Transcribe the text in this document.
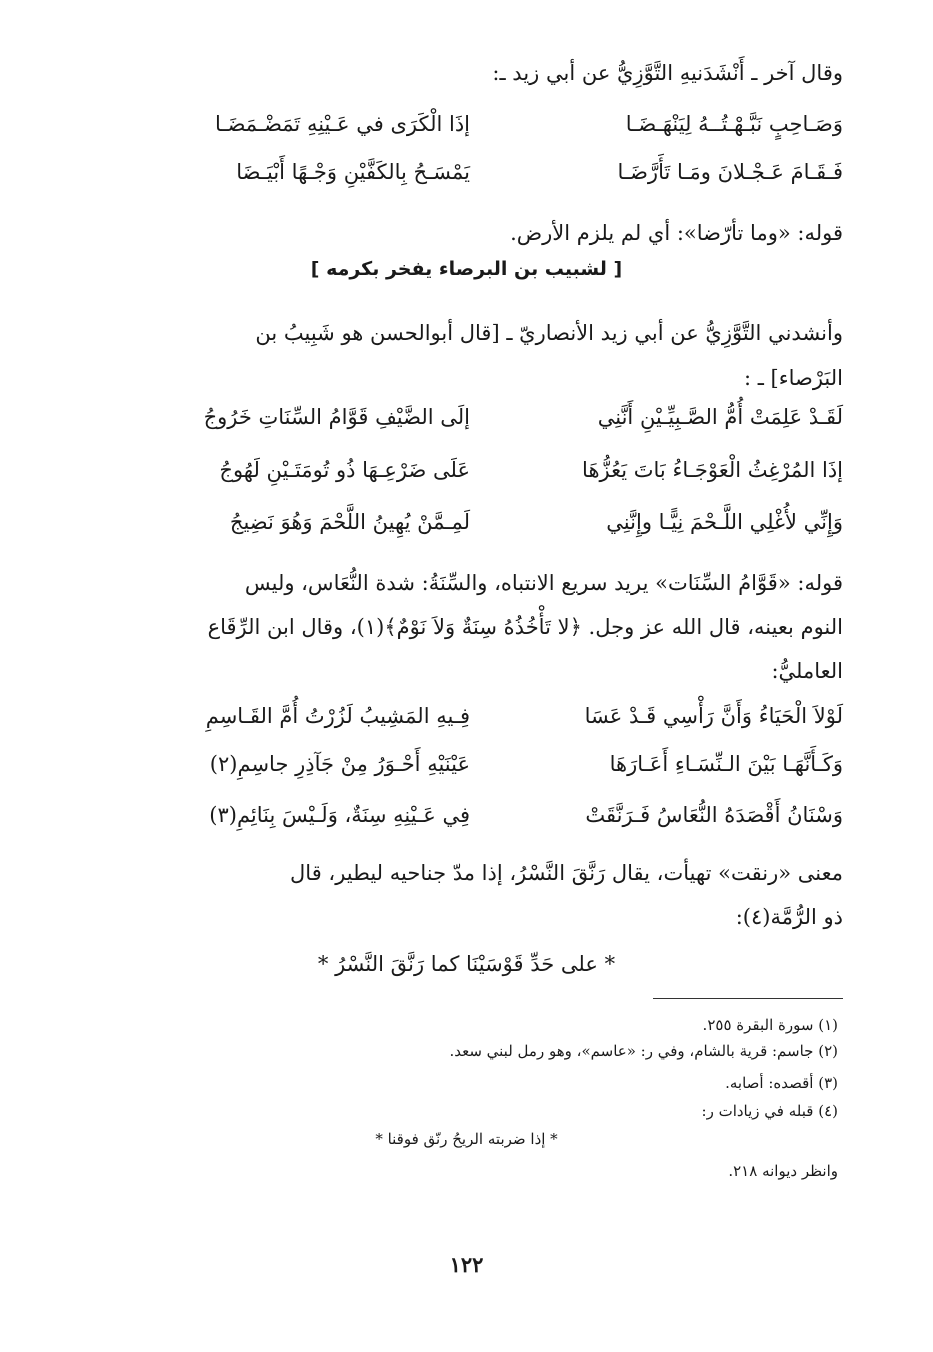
وقال آخر ـ أَنْشَدَنيهِ التَّوَّزِيُّ عن أبي زيد ـ:
وَصَـاحِبٍ نَبَّـهْـتُــهُ لِيَنْهَـضَـا
إذَا الْكَرَى في عَـيْنِهِ تَمَضْـمَضَـا
فَـقَـامَ عَـجْـلانَ ومَـا تَأَرَّضَـا
يَمْسَـحُ بِالكَفَّيْنِ وَجْـهًا أَبْيَـضَا
قوله: «وما تأرّضا»: أي لم يلزم الأرض.
[ لشبيب بن البرصاء يفخر بكرمه ]
وأنشدني التَّوَّزِيُّ عن أبي زيد الأنصاريّ ـ [قال أبوالحسن هو شَبِيبُ بن
البَرْصاء] ـ :
لَقَـدْ عَلِمَتْ أُمُّ الصَّـبِيِّـيْنِ أَنَّنِي
إلَى الضَّيْفِ قَوَّامُ السِّنَاتِ خَرُوجُ
إذَا المُرْغِثُ الْعَوْجَـاءُ بَاتَ يَعُزُّهَا
عَلَى ضَرْعِـهَا ذُو تُومَتَـيْنِ لَهُوجُ
وَإِنِّي لأُغْلِي اللَّـحْمَ نِيًّـا وإِنَّنِي
لَمِـمَّنْ يُهِينُ اللَّحْمَ وَهُوَ نَضِيجُ
قوله: «قَوَّامُ السِّنَات» يريد سريع الانتباه، والسِّنَةُ: شدة النُّعَاس، وليس
النوم بعينه، قال الله عز وجل. ﴿لا تَأْخُذُهُ سِنَةٌ وَلاَ نَوْمٌ﴾(١)، وقال ابن الرِّقَاع
العامليُّ:
لَوْلاَ الْحَيَاءُ وَأَنَّ رَأْسِي قَـدْ عَسَا
فِـيهِ المَشِيبُ لَزُرْتُ أُمَّ القَـاسِمِ
وَكَـأَنَّهَـا بَيْنَ الـنِّسَـاءِ أَعَـارَهَا
عَيْنَيْهِ أَحْـوَرُ مِنْ جَآذِرِ جاسِمِ(٢)
وَسْنَانُ أَقْصَدَهُ النُّعَاسُ فَـرَنَّقَتْ
فِي عَـيْنِهِ سِنَةٌ، وَلَـيْسَ بِنَائِمِ(٣)
معنى «رنقت» تهيأت، يقال رَنَّقَ النَّسْرُ، إذا مدّ جناحيه ليطير، قال
ذو الرُّمَّة(٤):
* على حَدِّ قَوْسَيْنَا كما رَنَّقَ النَّسْرُ *
(١) سورة البقرة ٢٥٥.
(٢) جاسم: قرية بالشام، وفي ر: «عاسم»، وهو رمل لبني سعد.
(٣) أقصده: أصابه.
(٤) قبله في زيادات ر:
* إذا ضربته الريحُ رنّق فوقنا *
وانظر ديوانه ٢١٨.
١٢٢
